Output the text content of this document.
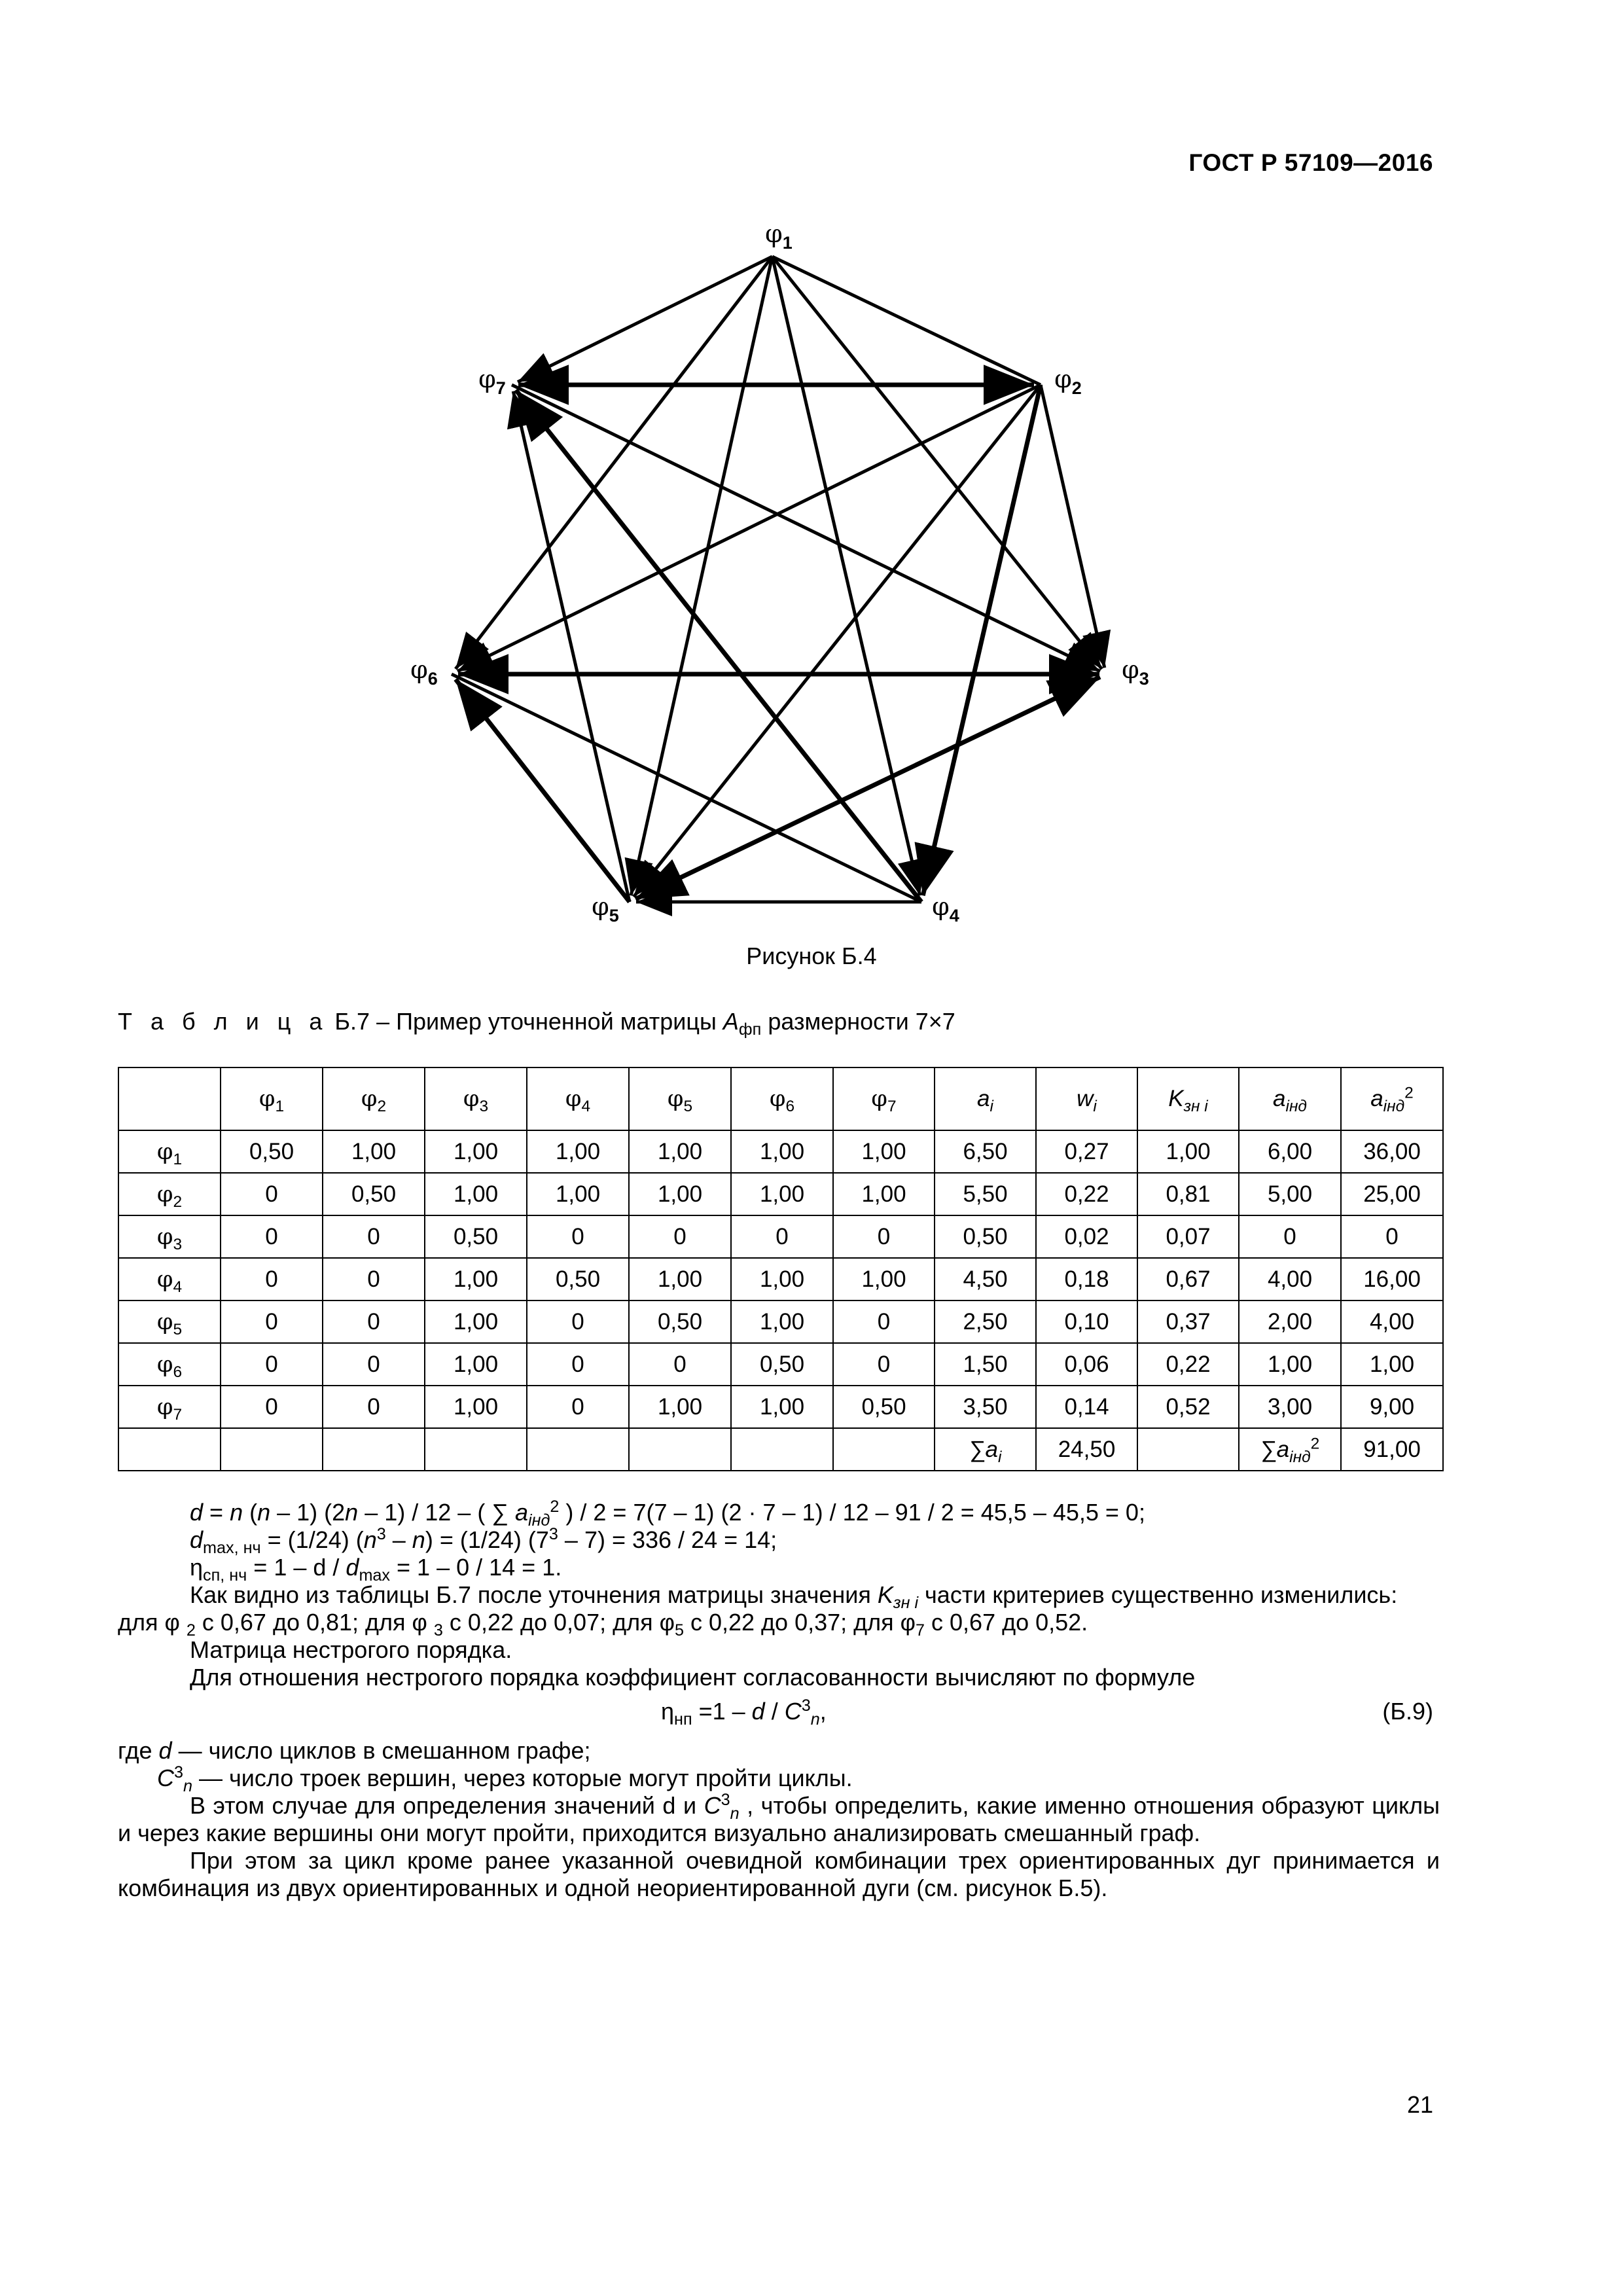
ГОСТ Р 57109—2016
$\varphi_1$
$\varphi_2$
$\varphi_3$
$\varphi_4$
$\varphi_5$
$\varphi_6$
$\varphi_7$
Рисунок Б.4
Т а б л и ц а Б.7 – Пример уточненной матрицы $A_{фп}$ размерности 7×7
	$\varphi_1$	$\varphi_2$	$\varphi_3$	$\varphi_4$	$\varphi_5$	$\varphi_6$	$\varphi_7$	$a_i$	$w_i$	$K_{зн i}$	$a_{iнд}$	$a_{iнд}^2$
$\varphi_1$	0,50	1,00	1,00	1,00	1,00	1,00	1,00	6,50	0,27	1,00	6,00	36,00
$\varphi_2$	0	0,50	1,00	1,00	1,00	1,00	1,00	5,50	0,22	0,81	5,00	25,00
$\varphi_3$	0	0	0,50	0	0	0	0	0,50	0,02	0,07	0	0
$\varphi_4$	0	0	1,00	0,50	1,00	1,00	1,00	4,50	0,18	0,67	4,00	16,00
$\varphi_5$	0	0	1,00	0	0,50	1,00	0	2,50	0,10	0,37	2,00	4,00
$\varphi_6$	0	0	1,00	0	0	0,50	0	1,50	0,06	0,22	1,00	1,00
$\varphi_7$	0	0	1,00	0	1,00	1,00	0,50	3,50	0,14	0,52	3,00	9,00
								$\sum a_i$	24,50		$\sum a_{iнд}^2$	91,00
d = n (n – 1) (2n – 1) / 12 – ( ∑ $a_{iнд}^2$ ) / 2 = 7(7 – 1) (2 · 7 – 1) / 12 – 91 / 2 = 45,5 – 45,5 = 0;
$d_{max, нч} = (1/24)$ $(n^3 - n) = (1/24)$ $(7^3 - 7) = 336 / 24 = 14$;
$\eta_{сп, нч} = 1 - d / d_{max} = 1 - 0 / 14 = 1$.
Как видно из таблицы Б.7 после уточнения матрицы значения $K_{зн i}$ части критериев существенно изменились:
для φ $_2$ с 0,67 до 0,81; для φ $_3$ с 0,22 до 0,07; для $\varphi_5$ с 0,22 до 0,37; для $\varphi_7$ с 0,67 до 0,52.
Матрица нестрогого порядка.
Для отношения нестрогого порядка коэффициент согласованности вычисляют по формуле
$\eta_{нп} =1 - d / C^3_n$,	(Б.9)
где d — число циклов в смешанном графе;
$C^3_n$ — число троек вершин, через которые могут пройти циклы.
В этом случае для определения значений d и $C^3_n$ , чтобы определить, какие именно отношения образуют циклы и через какие вершины они могут пройти, приходится визуально анализировать смешанный граф.
При этом за цикл кроме ранее указанной очевидной комбинации трех ориентированных дуг принимается и комбинация из двух ориентированных и одной неориентированной дуги (см. рисунок Б.5).
21
